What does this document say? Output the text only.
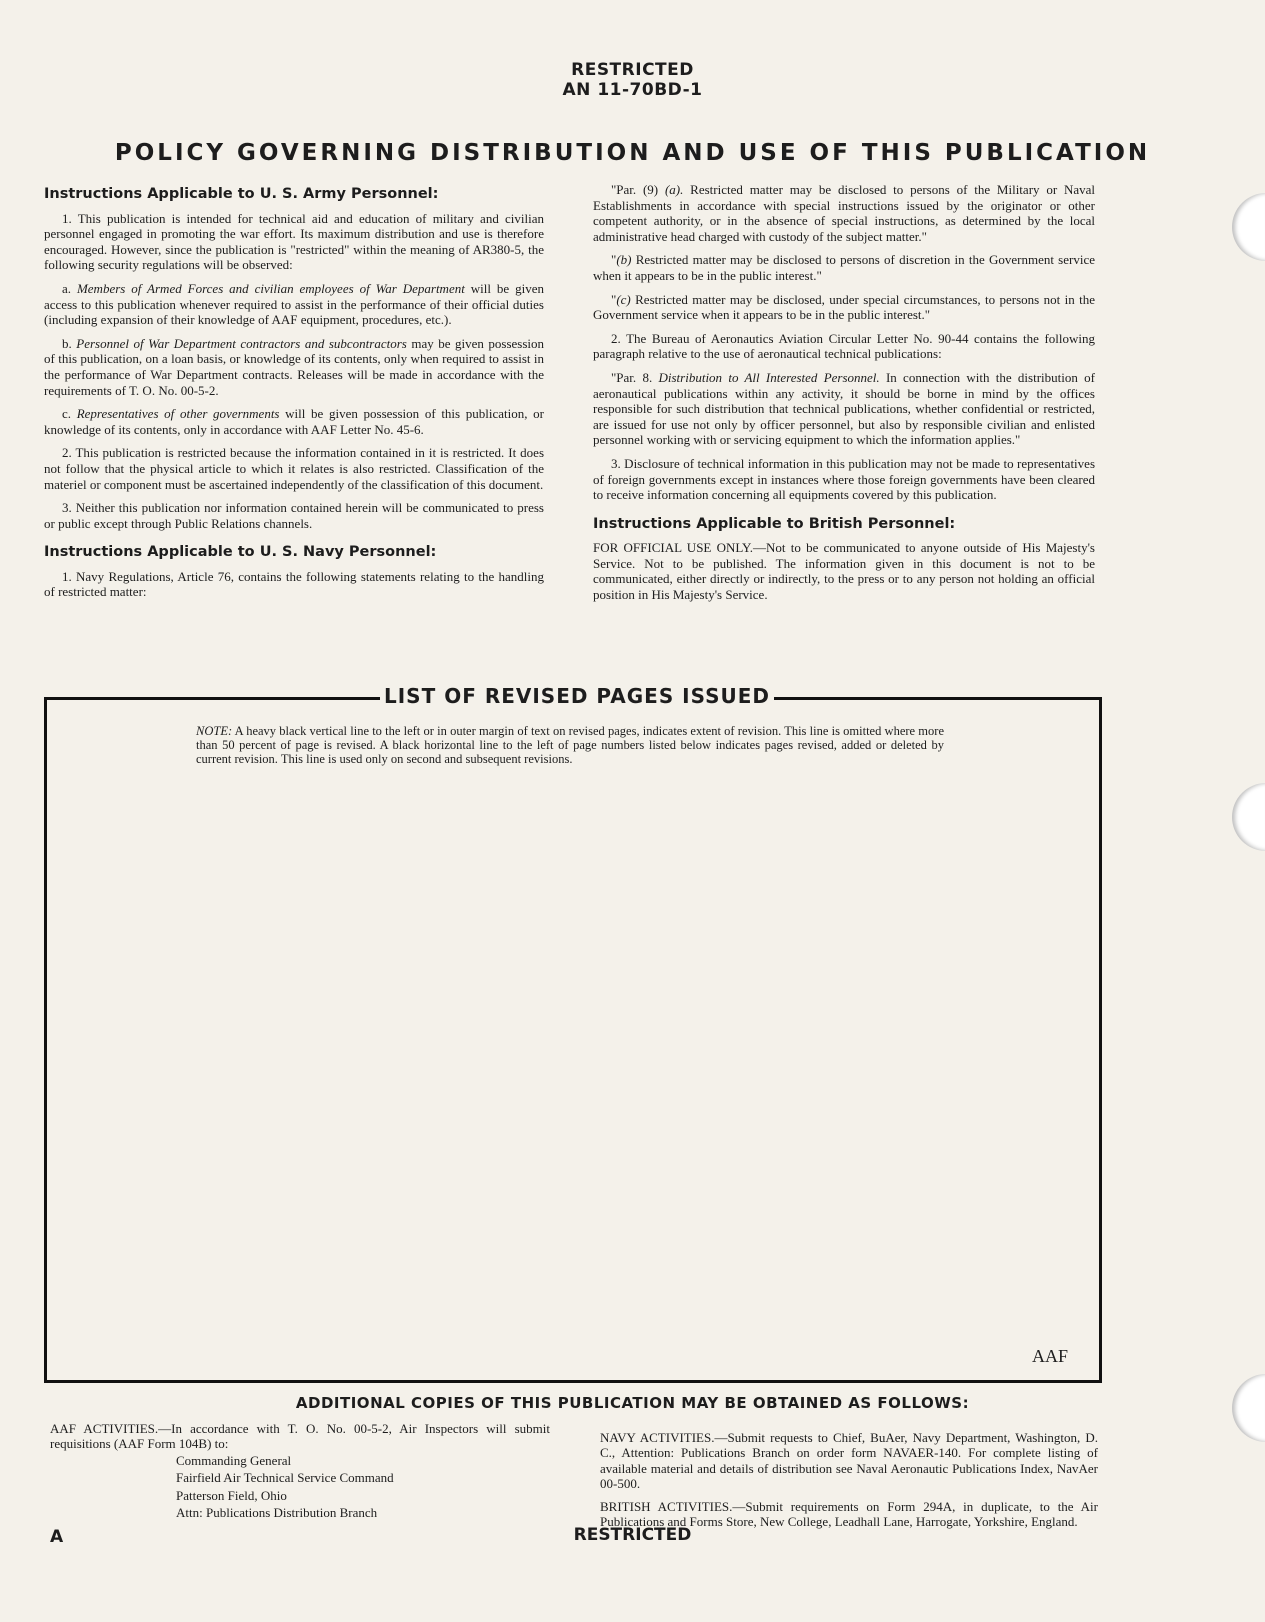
RESTRICTED
AN 11-70BD-1
POLICY GOVERNING DISTRIBUTION AND USE OF THIS PUBLICATION
Instructions Applicable to U. S. Army Personnel:

1. This publication is intended for technical aid and education of military and civilian personnel engaged in promoting the war effort. Its maximum distribution and use is therefore encouraged. However, since the publication is "restricted" within the meaning of AR380-5, the following security regulations will be observed:

a. Members of Armed Forces and civilian employees of War Department will be given access to this publication whenever required to assist in the performance of their official duties (including expansion of their knowledge of AAF equipment, procedures, etc.).

b. Personnel of War Department contractors and subcontractors may be given possession of this publication, on a loan basis, or knowledge of its contents, only when required to assist in the performance of War Department contracts. Releases will be made in accordance with the requirements of T. O. No. 00-5-2.

c. Representatives of other governments will be given possession of this publication, or knowledge of its contents, only in accordance with AAF Letter No. 45-6.

2. This publication is restricted because the information contained in it is restricted. It does not follow that the physical article to which it relates is also restricted. Classification of the materiel or component must be ascertained independently of the classification of this document.

3. Neither this publication nor information contained herein will be communicated to press or public except through Public Relations channels.

Instructions Applicable to U. S. Navy Personnel:

1. Navy Regulations, Article 76, contains the following statements relating to the handling of restricted matter:

"Par. (9) (a). Restricted matter may be disclosed to persons of the Military or Naval Establishments in accordance with special instructions issued by the originator or other competent authority, or in the absence of special instructions, as determined by the local administrative head charged with custody of the subject matter."

"(b) Restricted matter may be disclosed to persons of discretion in the Government service when it appears to be in the public interest."

"(c) Restricted matter may be disclosed, under special circumstances, to persons not in the Government service when it appears to be in the public interest."

2. The Bureau of Aeronautics Aviation Circular Letter No. 90-44 contains the following paragraph relative to the use of aeronautical technical publications:

"Par. 8. Distribution to All Interested Personnel. In connection with the distribution of aeronautical publications within any activity, it should be borne in mind by the offices responsible for such distribution that technical publications, whether confidential or restricted, are issued for use not only by officer personnel, but also by responsible civilian and enlisted personnel working with or servicing equipment to which the information applies."

3. Disclosure of technical information in this publication may not be made to representatives of foreign governments except in instances where those foreign governments have been cleared to receive information concerning all equipments covered by this publication.

Instructions Applicable to British Personnel:

FOR OFFICIAL USE ONLY.—Not to be communicated to anyone outside of His Majesty's Service. Not to be published. The information given in this document is not to be communicated, either directly or indirectly, to the press or to any person not holding an official position in His Majesty's Service.

LIST OF REVISED PAGES ISSUED
NOTE: A heavy black vertical line to the left or in outer margin of text on revised pages, indicates extent of revision. This line is omitted where more than 50 percent of page is revised. A black horizontal line to the left of page numbers listed below indicates pages revised, added or deleted by current revision. This line is used only on second and subsequent revisions.
AAF
ADDITIONAL COPIES OF THIS PUBLICATION MAY BE OBTAINED AS FOLLOWS:
AAF ACTIVITIES.—In accordance with T. O. No. 00-5-2, Air Inspectors will submit requisitions (AAF Form 104B) to:
Commanding General
Fairfield Air Technical Service Command
Patterson Field, Ohio
Attn: Publications Distribution Branch

NAVY ACTIVITIES.—Submit requests to Chief, BuAer, Navy Department, Washington, D. C., Attention: Publications Branch on order form NAVAER-140. For complete listing of available material and details of distribution see Naval Aeronautic Publications Index, NavAer 00-500.

BRITISH ACTIVITIES.—Submit requirements on Form 294A, in duplicate, to the Air Publications and Forms Store, New College, Leadhall Lane, Harrogate, Yorkshire, England.

A	RESTRICTED
